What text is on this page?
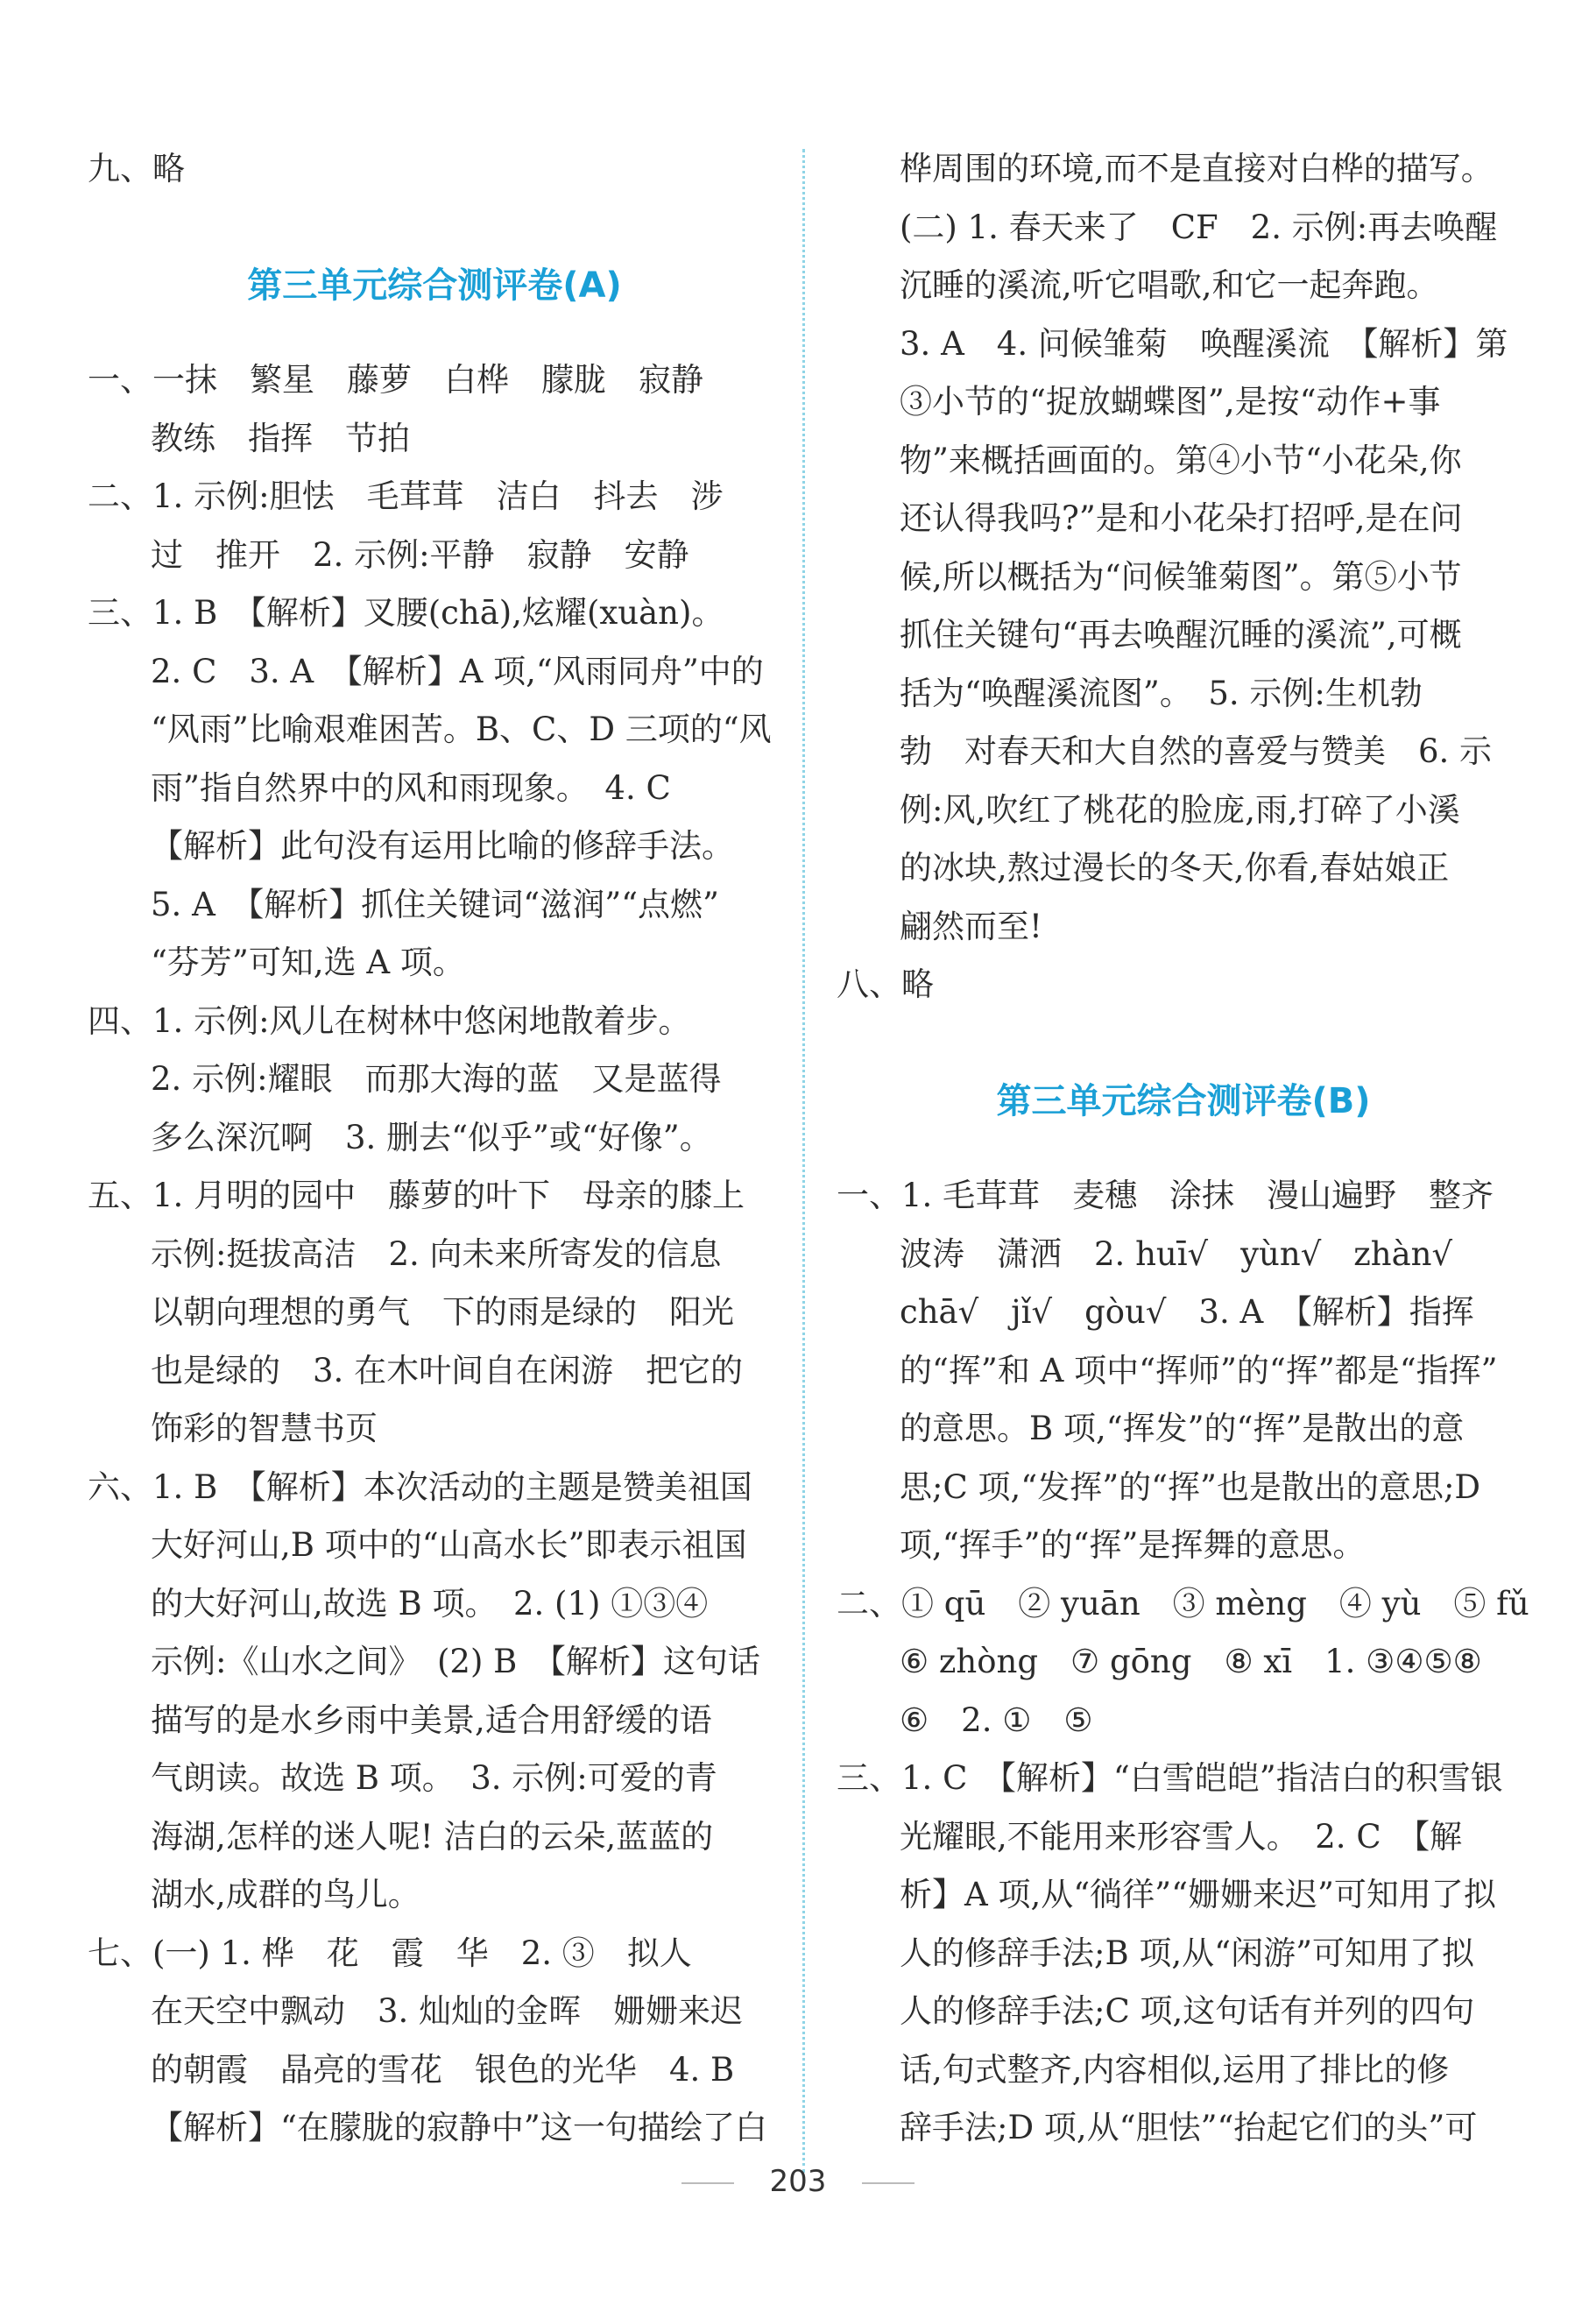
九、略
第三单元综合测评卷(A)
一、一抹　繁星　藤萝　白桦　朦胧　寂静
教练　指挥　节拍
二、1. 示例:胆怯　毛茸茸　洁白　抖去　涉
过　推开　2. 示例:平静　寂静　安静
三、1. B　【解析】叉腰(chā),炫耀(xuàn)。
2. C　3. A　【解析】A 项,“风雨同舟”中的
“风雨”比喻艰难困苦。B、C、D 三项的“风
雨”指自然界中的风和雨现象。　4. C
【解析】此句没有运用比喻的修辞手法。
5. A　【解析】抓住关键词“滋润”“点燃”
“芬芳”可知,选 A 项。
四、1. 示例:风儿在树林中悠闲地散着步。
2. 示例:耀眼　而那大海的蓝　又是蓝得
多么深沉啊　3. 删去“似乎”或“好像”。
五、1. 月明的园中　藤萝的叶下　母亲的膝上
示例:挺拔高洁　2. 向未来所寄发的信息
以朝向理想的勇气　下的雨是绿的　阳光
也是绿的　3. 在木叶间自在闲游　把它的
饰彩的智慧书页
六、1. B　【解析】本次活动的主题是赞美祖国
大好河山,B 项中的“山高水长”即表示祖国
的大好河山,故选 B 项。　2. (1) ①③④
示例:《山水之间》　(2) B　【解析】这句话
描写的是水乡雨中美景,适合用舒缓的语
气朗读。故选 B 项。　3. 示例:可爱的青
海湖,怎样的迷人呢! 洁白的云朵,蓝蓝的
湖水,成群的鸟儿。
七、(一) 1. 桦　花　霞　华　2. ③　拟人
在天空中飘动　3. 灿灿的金晖　姗姗来迟
的朝霞　晶亮的雪花　银色的光华　4. B
【解析】“在朦胧的寂静中”这一句描绘了白
桦周围的环境,而不是直接对白桦的描写。
(二) 1. 春天来了　CF　2. 示例:再去唤醒
沉睡的溪流,听它唱歌,和它一起奔跑。
3. A　4. 问候雏菊　唤醒溪流　【解析】第
③小节的“捉放蝴蝶图”,是按“动作+事
物”来概括画面的。第④小节“小花朵,你
还认得我吗?”是和小花朵打招呼,是在问
候,所以概括为“问候雏菊图”。第⑤小节
抓住关键句“再去唤醒沉睡的溪流”,可概
括为“唤醒溪流图”。　5. 示例:生机勃
勃　对春天和大自然的喜爱与赞美　6. 示
例:风,吹红了桃花的脸庞,雨,打碎了小溪
的冰块,熬过漫长的冬天,你看,春姑娘正
翩然而至!
八、略
第三单元综合测评卷(B)
一、1. 毛茸茸　麦穗　涂抹　漫山遍野　整齐
波涛　潇洒　2. huī√　yùn√　zhàn√
chā√　jǐ√　gòu√　3. A　【解析】指挥
的“挥”和 A 项中“挥师”的“挥”都是“指挥”
的意思。B 项,“挥发”的“挥”是散出的意
思;C 项,“发挥”的“挥”也是散出的意思;D
项,“挥手”的“挥”是挥舞的意思。
二、① qū　② yuān　③ mèng　④ yù　⑤ fǔ
⑥ zhòng　⑦ gōng　⑧ xī　1. ③④⑤⑧
⑥　2. ①　⑤
三、1. C　【解析】“白雪皑皑”指洁白的积雪银
光耀眼,不能用来形容雪人。　2. C　【解
析】A 项,从“徜徉”“姗姗来迟”可知用了拟
人的修辞手法;B 项,从“闲游”可知用了拟
人的修辞手法;C 项,这句话有并列的四句
话,句式整齐,内容相似,运用了排比的修
辞手法;D 项,从“胆怯”“抬起它们的头”可
203
